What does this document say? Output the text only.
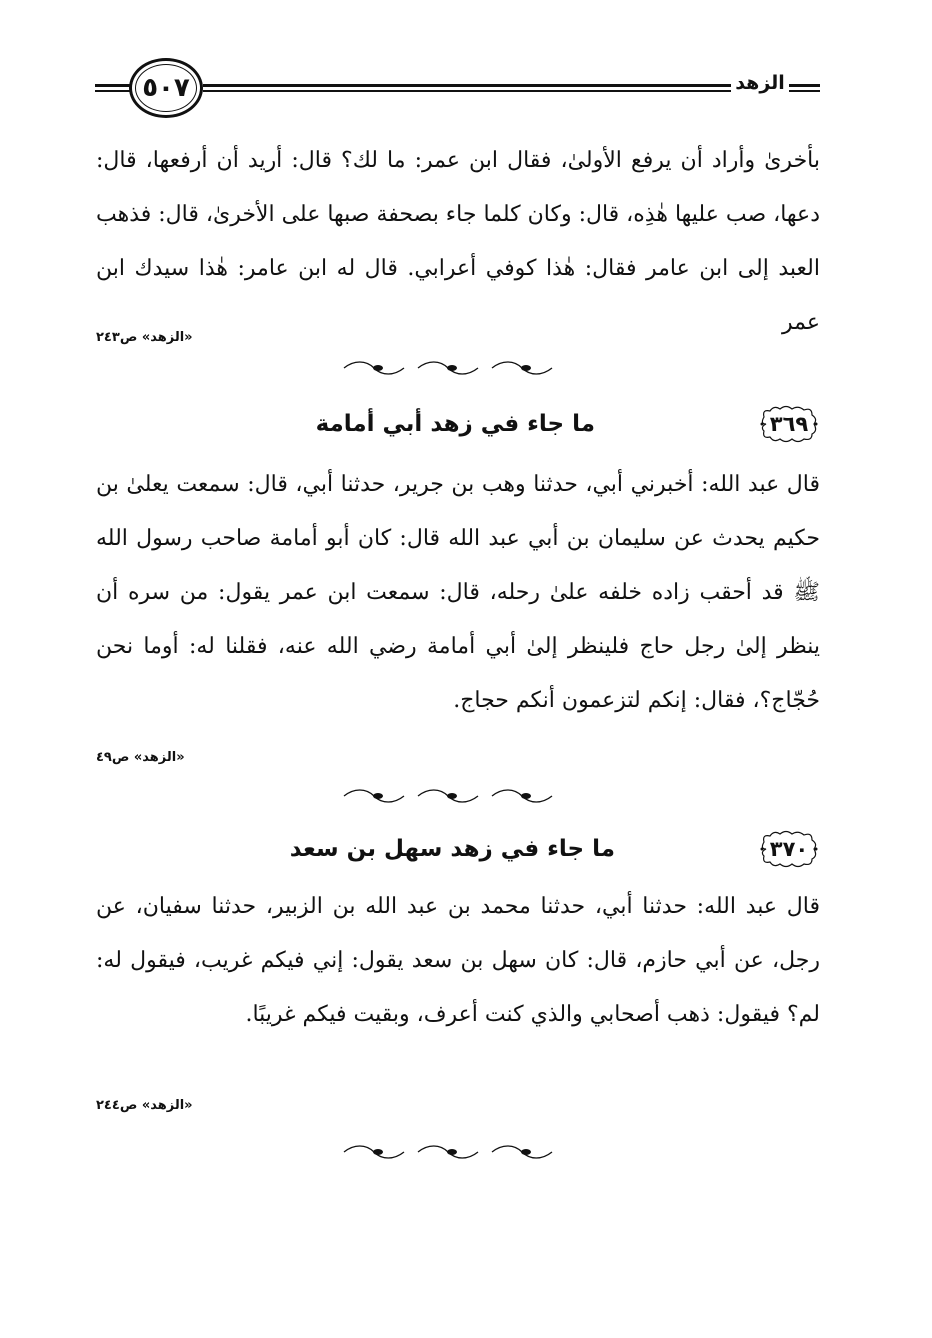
٥٠٧	الزهد

بأخرىٰ وأراد أن يرفع الأولىٰ، فقال ابن عمر: ما لك؟ قال: أريد أن أرفعها، قال: دعها، صب عليها هٰذِه، قال: وكان كلما جاء بصحفة صبها على الأخرىٰ، قال: فذهب العبد إلى ابن عامر فقال: هٰذا كوفي أعرابي. قال له ابن عامر: هٰذا سيدك ابن عمر

«الزهد» ص٢٤٣
٣٦٩
ما جاء في زهد أبي أمامة

قال عبد الله: أخبرني أبي، حدثنا وهب بن جرير، حدثنا أبي، قال: سمعت يعلىٰ بن حكيم يحدث عن سليمان بن أبي عبد الله قال: كان أبو أمامة صاحب رسول الله ﷺ قد أحقب زاده خلفه علىٰ رحله، قال: سمعت ابن عمر يقول: من سره أن ينظر إلىٰ رجل حاج فلينظر إلىٰ أبي أمامة رضي الله عنه، فقلنا له: أوما نحن حُجّاج؟، فقال: إنكم لتزعمون أنكم حجاج.

«الزهد» ص٤٩
٣٧٠
ما جاء في زهد سهل بن سعد

قال عبد الله: حدثنا أبي، حدثنا محمد بن عبد الله بن الزبير، حدثنا سفيان، عن رجل، عن أبي حازم، قال: كان سهل بن سعد يقول: إني فيكم غريب، فيقول له: لم؟ فيقول: ذهب أصحابي والذي كنت أعرف، وبقيت فيكم غريبًا.

«الزهد» ص٢٤٤
